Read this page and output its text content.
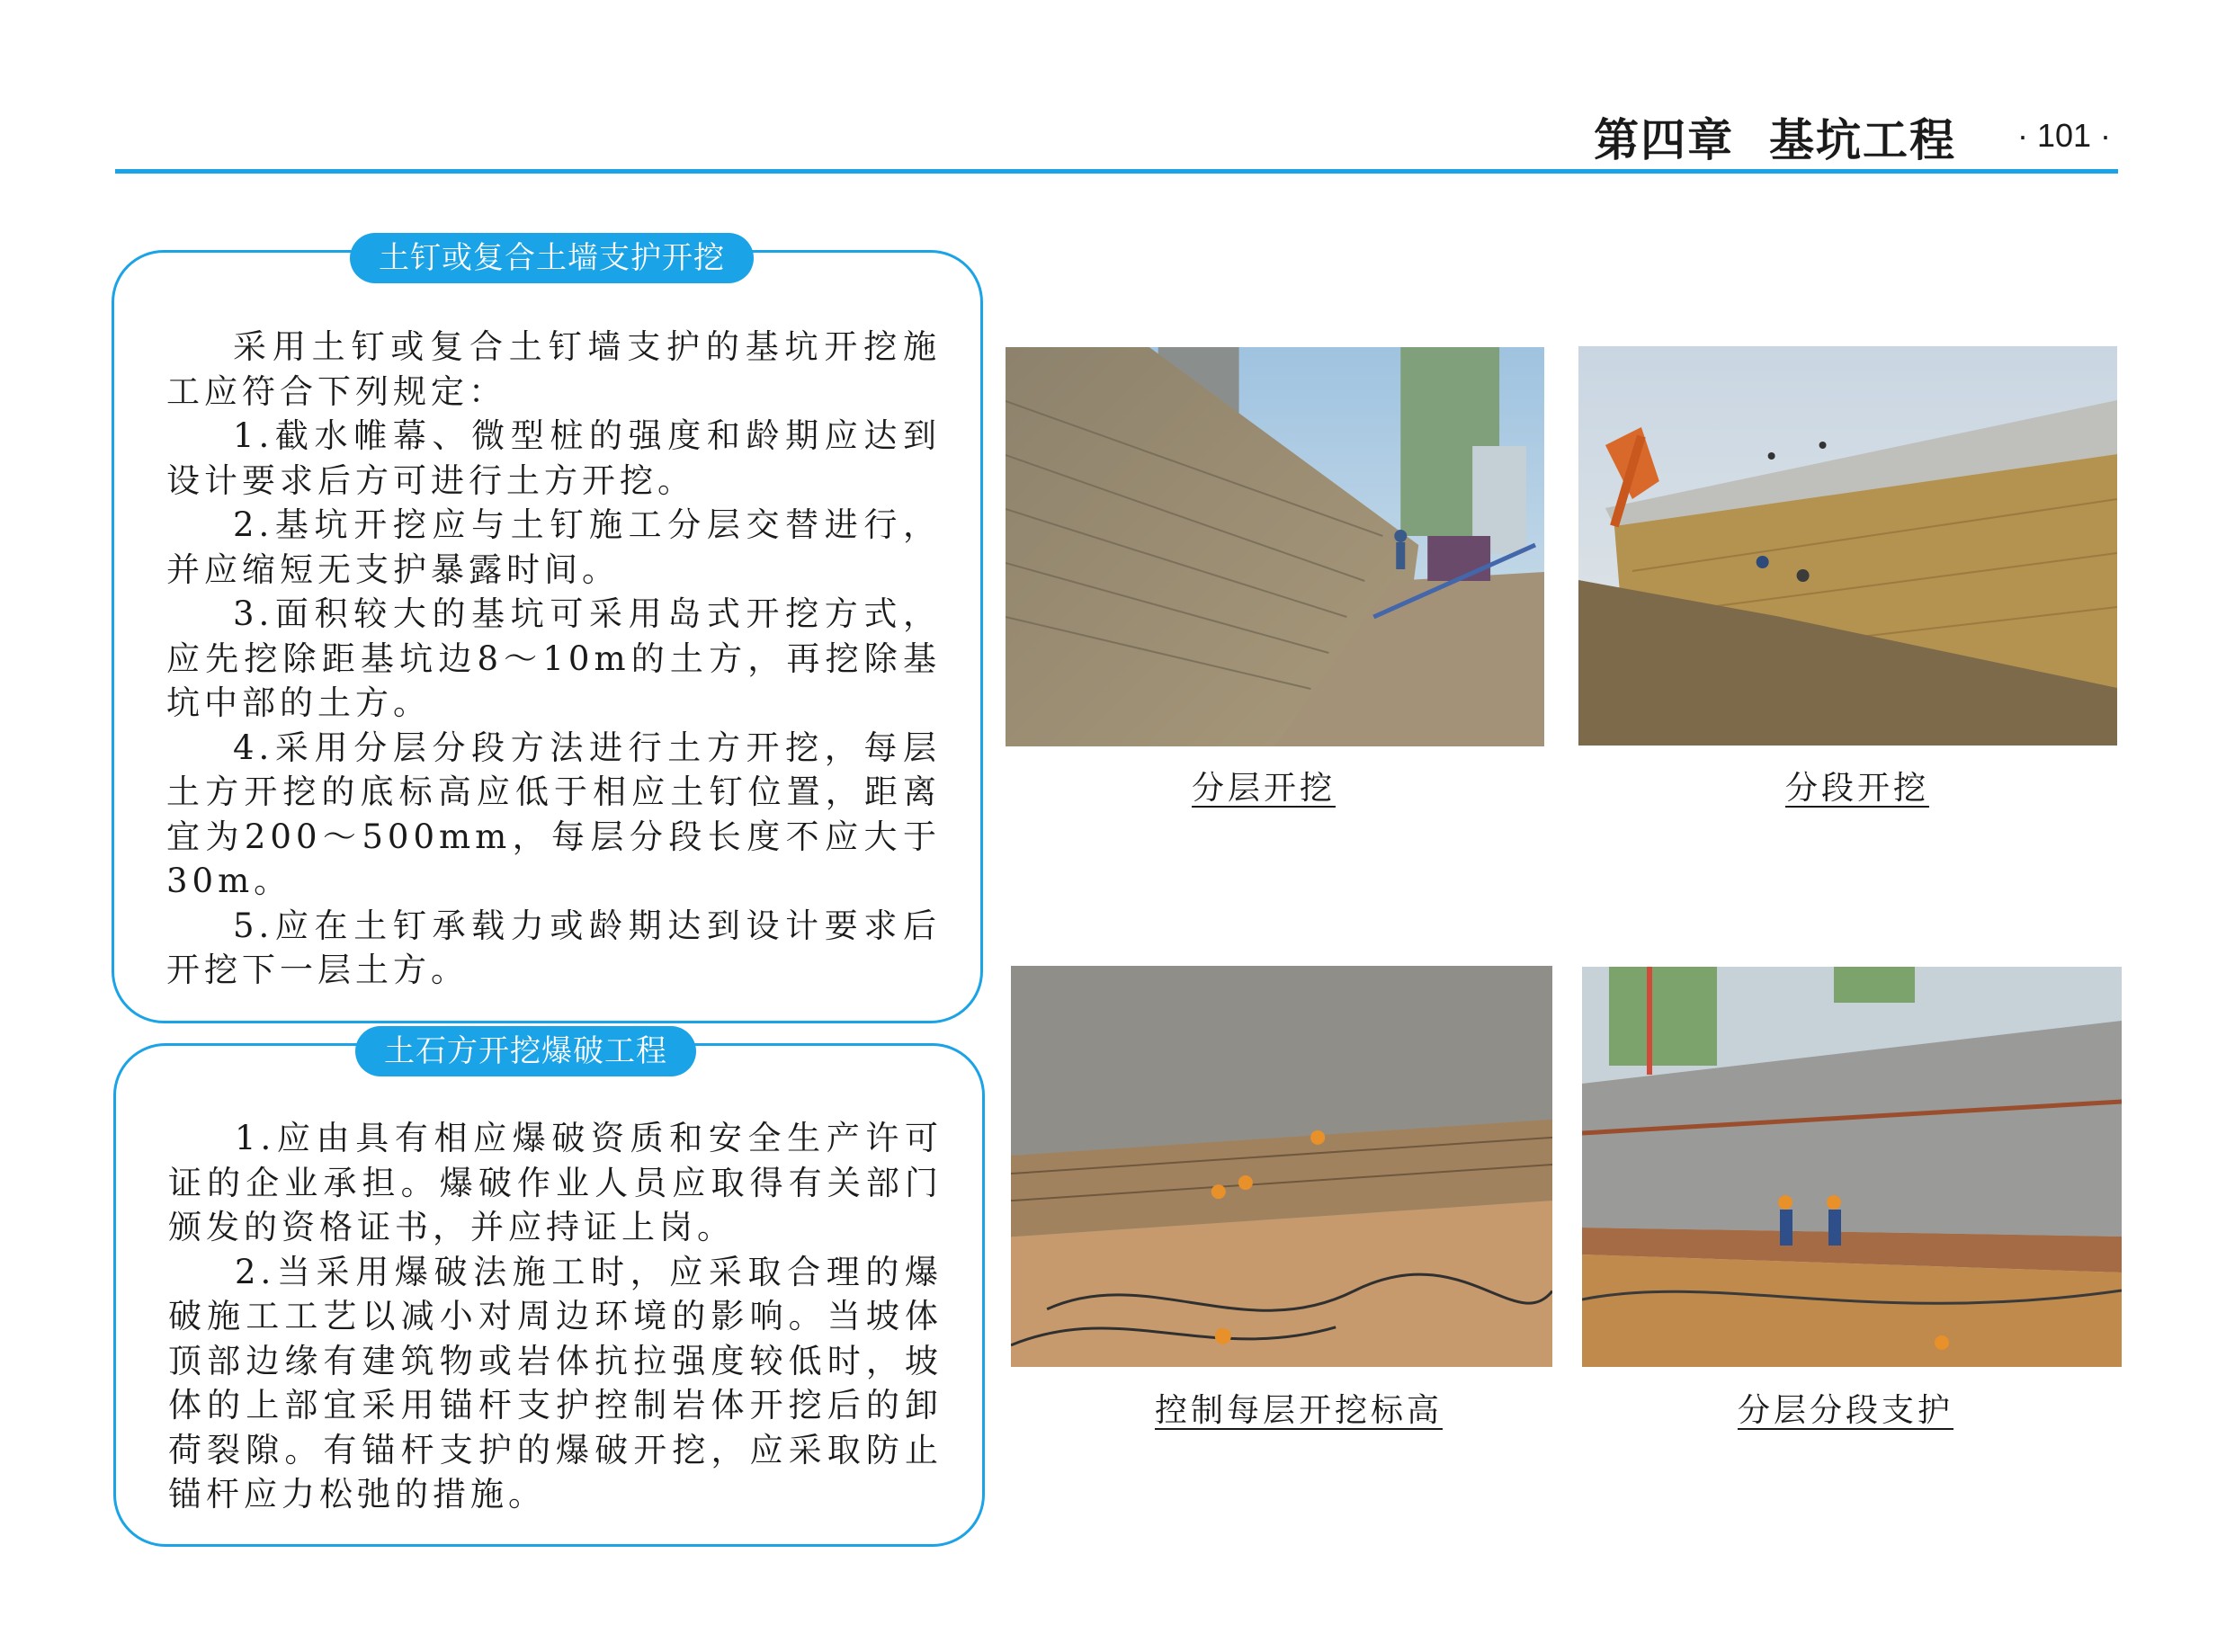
第四章  基坑工程 · 101 ·
土钉或复合土墙支护开挖

采用土钉或复合土钉墙支护的基坑开挖施工应符合下列规定：

1.截水帷幕、微型桩的强度和龄期应达到设计要求后方可进行土方开挖。

2.基坑开挖应与土钉施工分层交替进行，并应缩短无支护暴露时间。

3.面积较大的基坑可采用岛式开挖方式，应先挖除距基坑边8～10m的土方，再挖除基坑中部的土方。

4.采用分层分段方法进行土方开挖，每层土方开挖的底标高应低于相应土钉位置，距离宜为200～500mm，每层分段长度不应大于30m。

5.应在土钉承载力或龄期达到设计要求后开挖下一层土方。

土石方开挖爆破工程

1.应由具有相应爆破资质和安全生产许可证的企业承担。爆破作业人员应取得有关部门颁发的资格证书，并应持证上岗。

2.当采用爆破法施工时，应采取合理的爆破施工工艺以减小对周边环境的影响。当坡体顶部边缘有建筑物或岩体抗拉强度较低时，坡体的上部宜采用锚杆支护控制岩体开挖后的卸荷裂隙。有锚杆支护的爆破开挖，应采取防止锚杆应力松弛的措施。

分层开挖	分段开挖
控制每层开挖标高	分层分段支护
